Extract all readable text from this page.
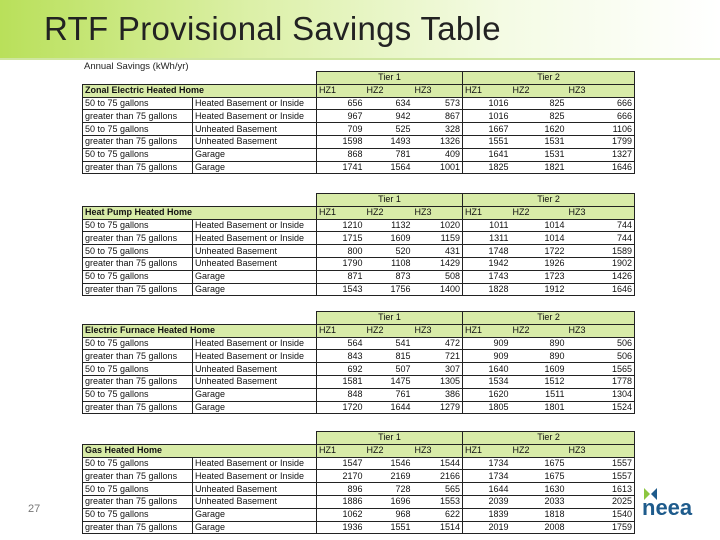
RTF Provisional Savings Table
Annual Savings (kWh/yr)
		Tier 1			Tier 2		
Zonal Electric Heated Home		HZ1	HZ2	HZ3	HZ1	HZ2	HZ3
50 to 75 gallons	Heated Basement or Inside	656	634	573	1016	825	666
greater than 75 gallons	Heated Basement or Inside	967	942	867	1016	825	666
50 to 75 gallons	Unheated Basement	709	525	328	1667	1620	1106
greater than 75 gallons	Unheated Basement	1598	1493	1326	1551	1531	1799
50 to 75 gallons	Garage	868	781	409	1641	1531	1327
greater than 75 gallons	Garage	1741	1564	1001	1825	1821	1646
		Tier 1			Tier 2		
Heat Pump Heated Home		HZ1	HZ2	HZ3	HZ1	HZ2	HZ3
50 to 75 gallons	Heated Basement or Inside	1210	1132	1020	1011	1014	744
greater than 75 gallons	Heated Basement or Inside	1715	1609	1159	1311	1014	744
50 to 75 gallons	Unheated Basement	800	520	431	1748	1722	1589
greater than 75 gallons	Unheated Basement	1790	1108	1429	1942	1926	1902
50 to 75 gallons	Garage	871	873	508	1743	1723	1426
greater than 75 gallons	Garage	1543	1756	1400	1828	1912	1646
		Tier 1			Tier 2		
Electric Furnace Heated Home		HZ1	HZ2	HZ3	HZ1	HZ2	HZ3
50 to 75 gallons	Heated Basement or Inside	564	541	472	909	890	506
greater than 75 gallons	Heated Basement or Inside	843	815	721	909	890	506
50 to 75 gallons	Unheated Basement	692	507	307	1640	1609	1565
greater than 75 gallons	Unheated Basement	1581	1475	1305	1534	1512	1778
50 to 75 gallons	Garage	848	761	386	1620	1511	1304
greater than 75 gallons	Garage	1720	1644	1279	1805	1801	1524
		Tier 1			Tier 2		
Gas Heated Home		HZ1	HZ2	HZ3	HZ1	HZ2	HZ3
50 to 75 gallons	Heated Basement or Inside	1547	1546	1544	1734	1675	1557
greater than 75 gallons	Heated Basement or Inside	2170	2169	2166	1734	1675	1557
50 to 75 gallons	Unheated Basement	896	728	565	1644	1630	1613
greater than 75 gallons	Unheated Basement	1886	1696	1553	2039	2033	2025
50 to 75 gallons	Garage	1062	968	622	1839	1818	1540
greater than 75 gallons	Garage	1936	1551	1514	2019	2008	1759
27	neea
